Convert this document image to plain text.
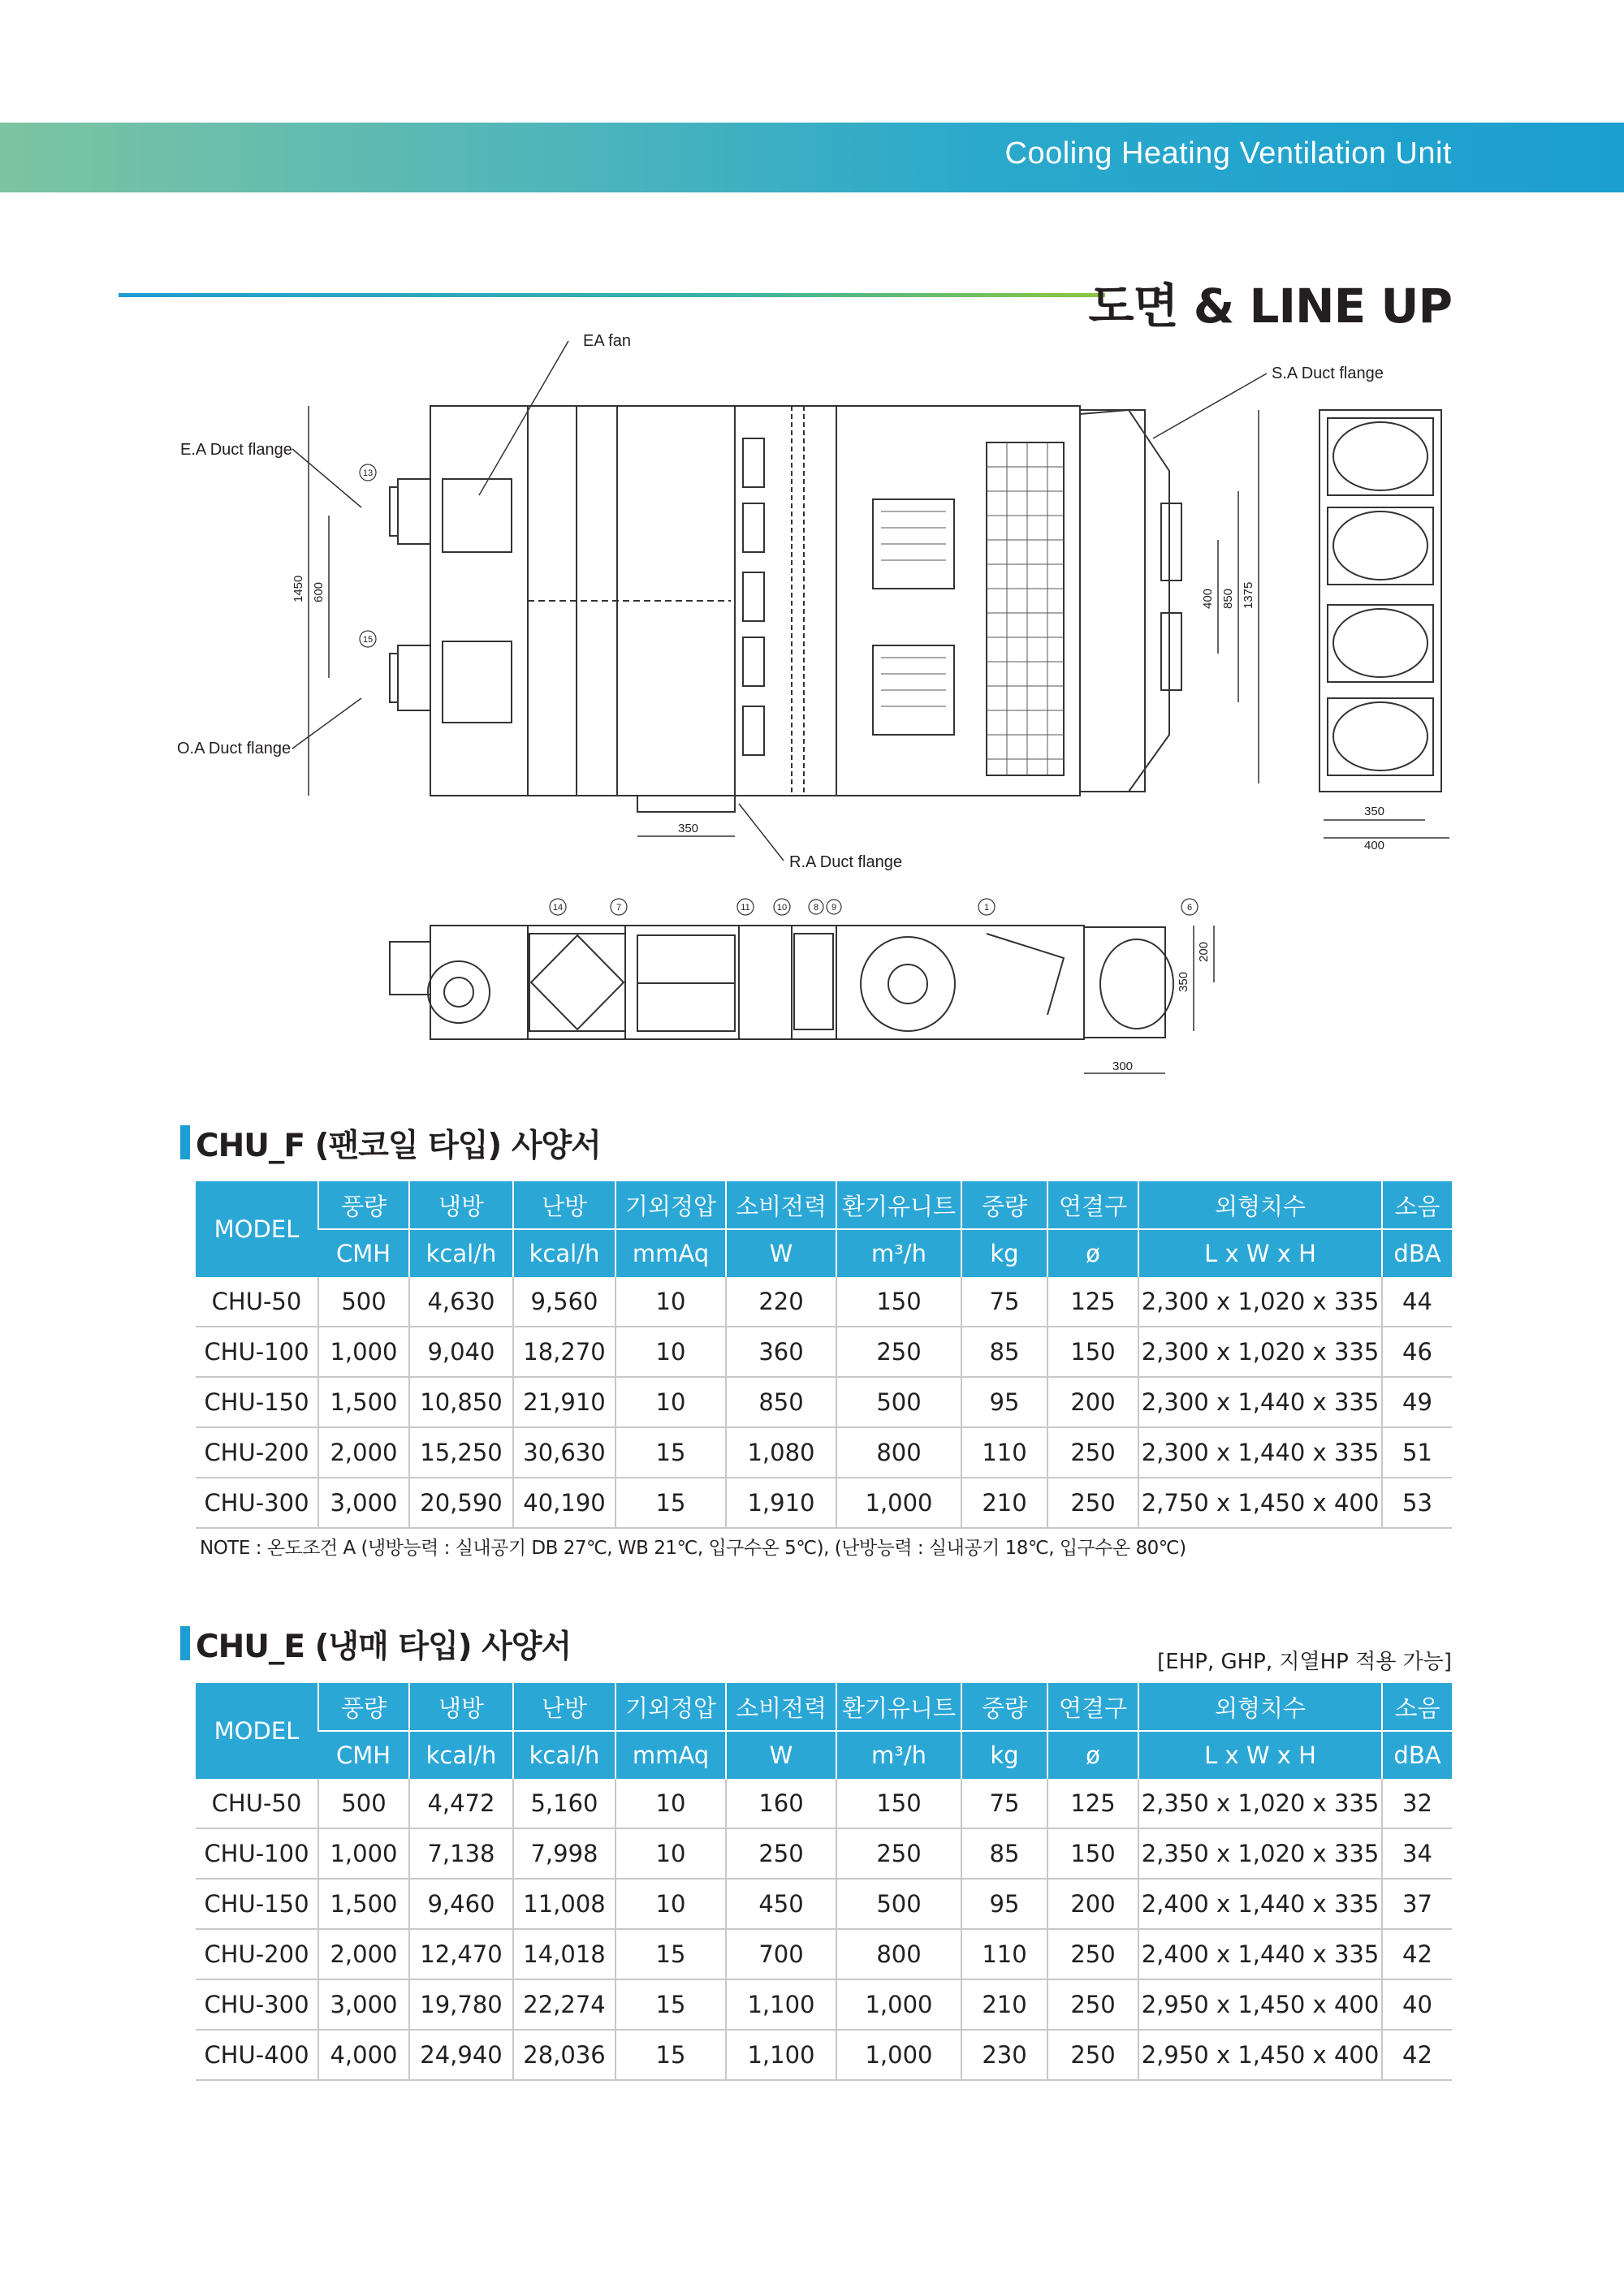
Cooling Heating Ventilation Unit
도면 & LINE UP
EA fan
E.A Duct flange
O.A Duct flange
R.A Duct flange
S.A Duct flange
1450 600
350
400 850 1375
350
400
200
350
300
13
15
14	7	11	10	8 9	1	6
CHU_F (팬코일 타입) 사양서
MODEL	풍량	냉방	난방	기외정압	소비전력	환기유니트	중량	연결구	외형치수	소음
	CMH	kcal/h	kcal/h	mmAq	W	m³/h	kg	ø	L x W x H	dBA
CHU-50	500	4,630	9,560	10	220	150	75	125	2,300 x 1,020 x 335	44
CHU-100	1,000	9,040	18,270	10	360	250	85	150	2,300 x 1,020 x 335	46
CHU-150	1,500	10,850	21,910	10	850	500	95	200	2,300 x 1,440 x 335	49
CHU-200	2,000	15,250	30,630	15	1,080	800	110	250	2,300 x 1,440 x 335	51
CHU-300	3,000	20,590	40,190	15	1,910	1,000	210	250	2,750 x 1,450 x 400	53
NOTE : 온도조건 A (냉방능력 : 실내공기 DB 27℃, WB 21℃, 입구수온 5℃), (난방능력 : 실내공기 18℃, 입구수온 80℃)
CHU_E (냉매 타입) 사양서	[EHP, GHP, 지열HP 적용 가능]
MODEL	풍량	냉방	난방	기외정압	소비전력	환기유니트	중량	연결구	외형치수	소음
	CMH	kcal/h	kcal/h	mmAq	W	m³/h	kg	ø	L x W x H	dBA
CHU-50	500	4,472	5,160	10	160	150	75	125	2,350 x 1,020 x 335	32
CHU-100	1,000	7,138	7,998	10	250	250	85	150	2,350 x 1,020 x 335	34
CHU-150	1,500	9,460	11,008	10	450	500	95	200	2,400 x 1,440 x 335	37
CHU-200	2,000	12,470	14,018	15	700	800	110	250	2,400 x 1,440 x 335	42
CHU-300	3,000	19,780	22,274	15	1,100	1,000	210	250	2,950 x 1,450 x 400	40
CHU-400	4,000	24,940	28,036	15	1,100	1,000	230	250	2,950 x 1,450 x 400	42
